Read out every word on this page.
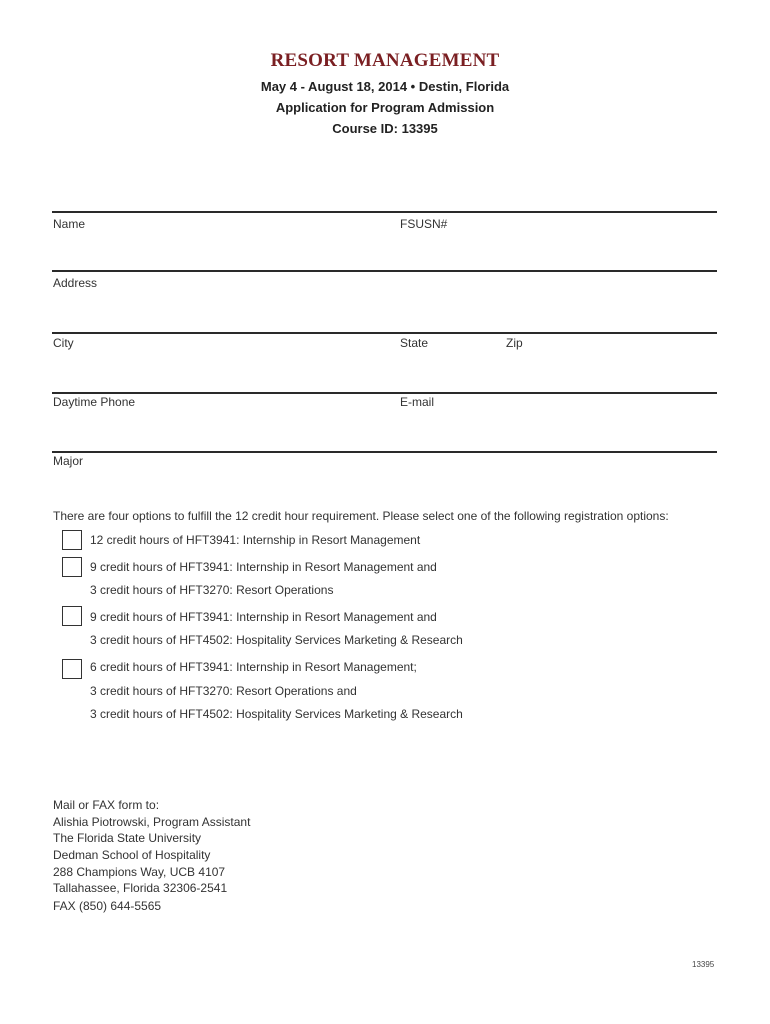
RESORT MANAGEMENT
May 4 - August 18, 2014 • Destin, Florida
Application for Program Admission
Course ID: 13395
Name	FSUSN#
Address
City	State	Zip
Daytime Phone	E-mail
Major
There are four options to fulfill the 12 credit hour requirement. Please select one of the following registration options:
12 credit hours of HFT3941: Internship in Resort Management
9 credit hours of HFT3941: Internship in Resort Management and
3 credit hours of HFT3270: Resort Operations
9 credit hours of HFT3941: Internship in Resort Management and
3 credit hours of HFT4502: Hospitality Services Marketing & Research
6 credit hours of HFT3941: Internship in Resort Management;
3 credit hours of HFT3270: Resort Operations and
3 credit hours of HFT4502: Hospitality Services Marketing & Research
Mail or FAX form to:
Alishia Piotrowski, Program Assistant
The Florida State University
Dedman School of Hospitality
288 Champions Way, UCB 4107
Tallahassee, Florida 32306-2541
FAX (850) 644-5565
13395
